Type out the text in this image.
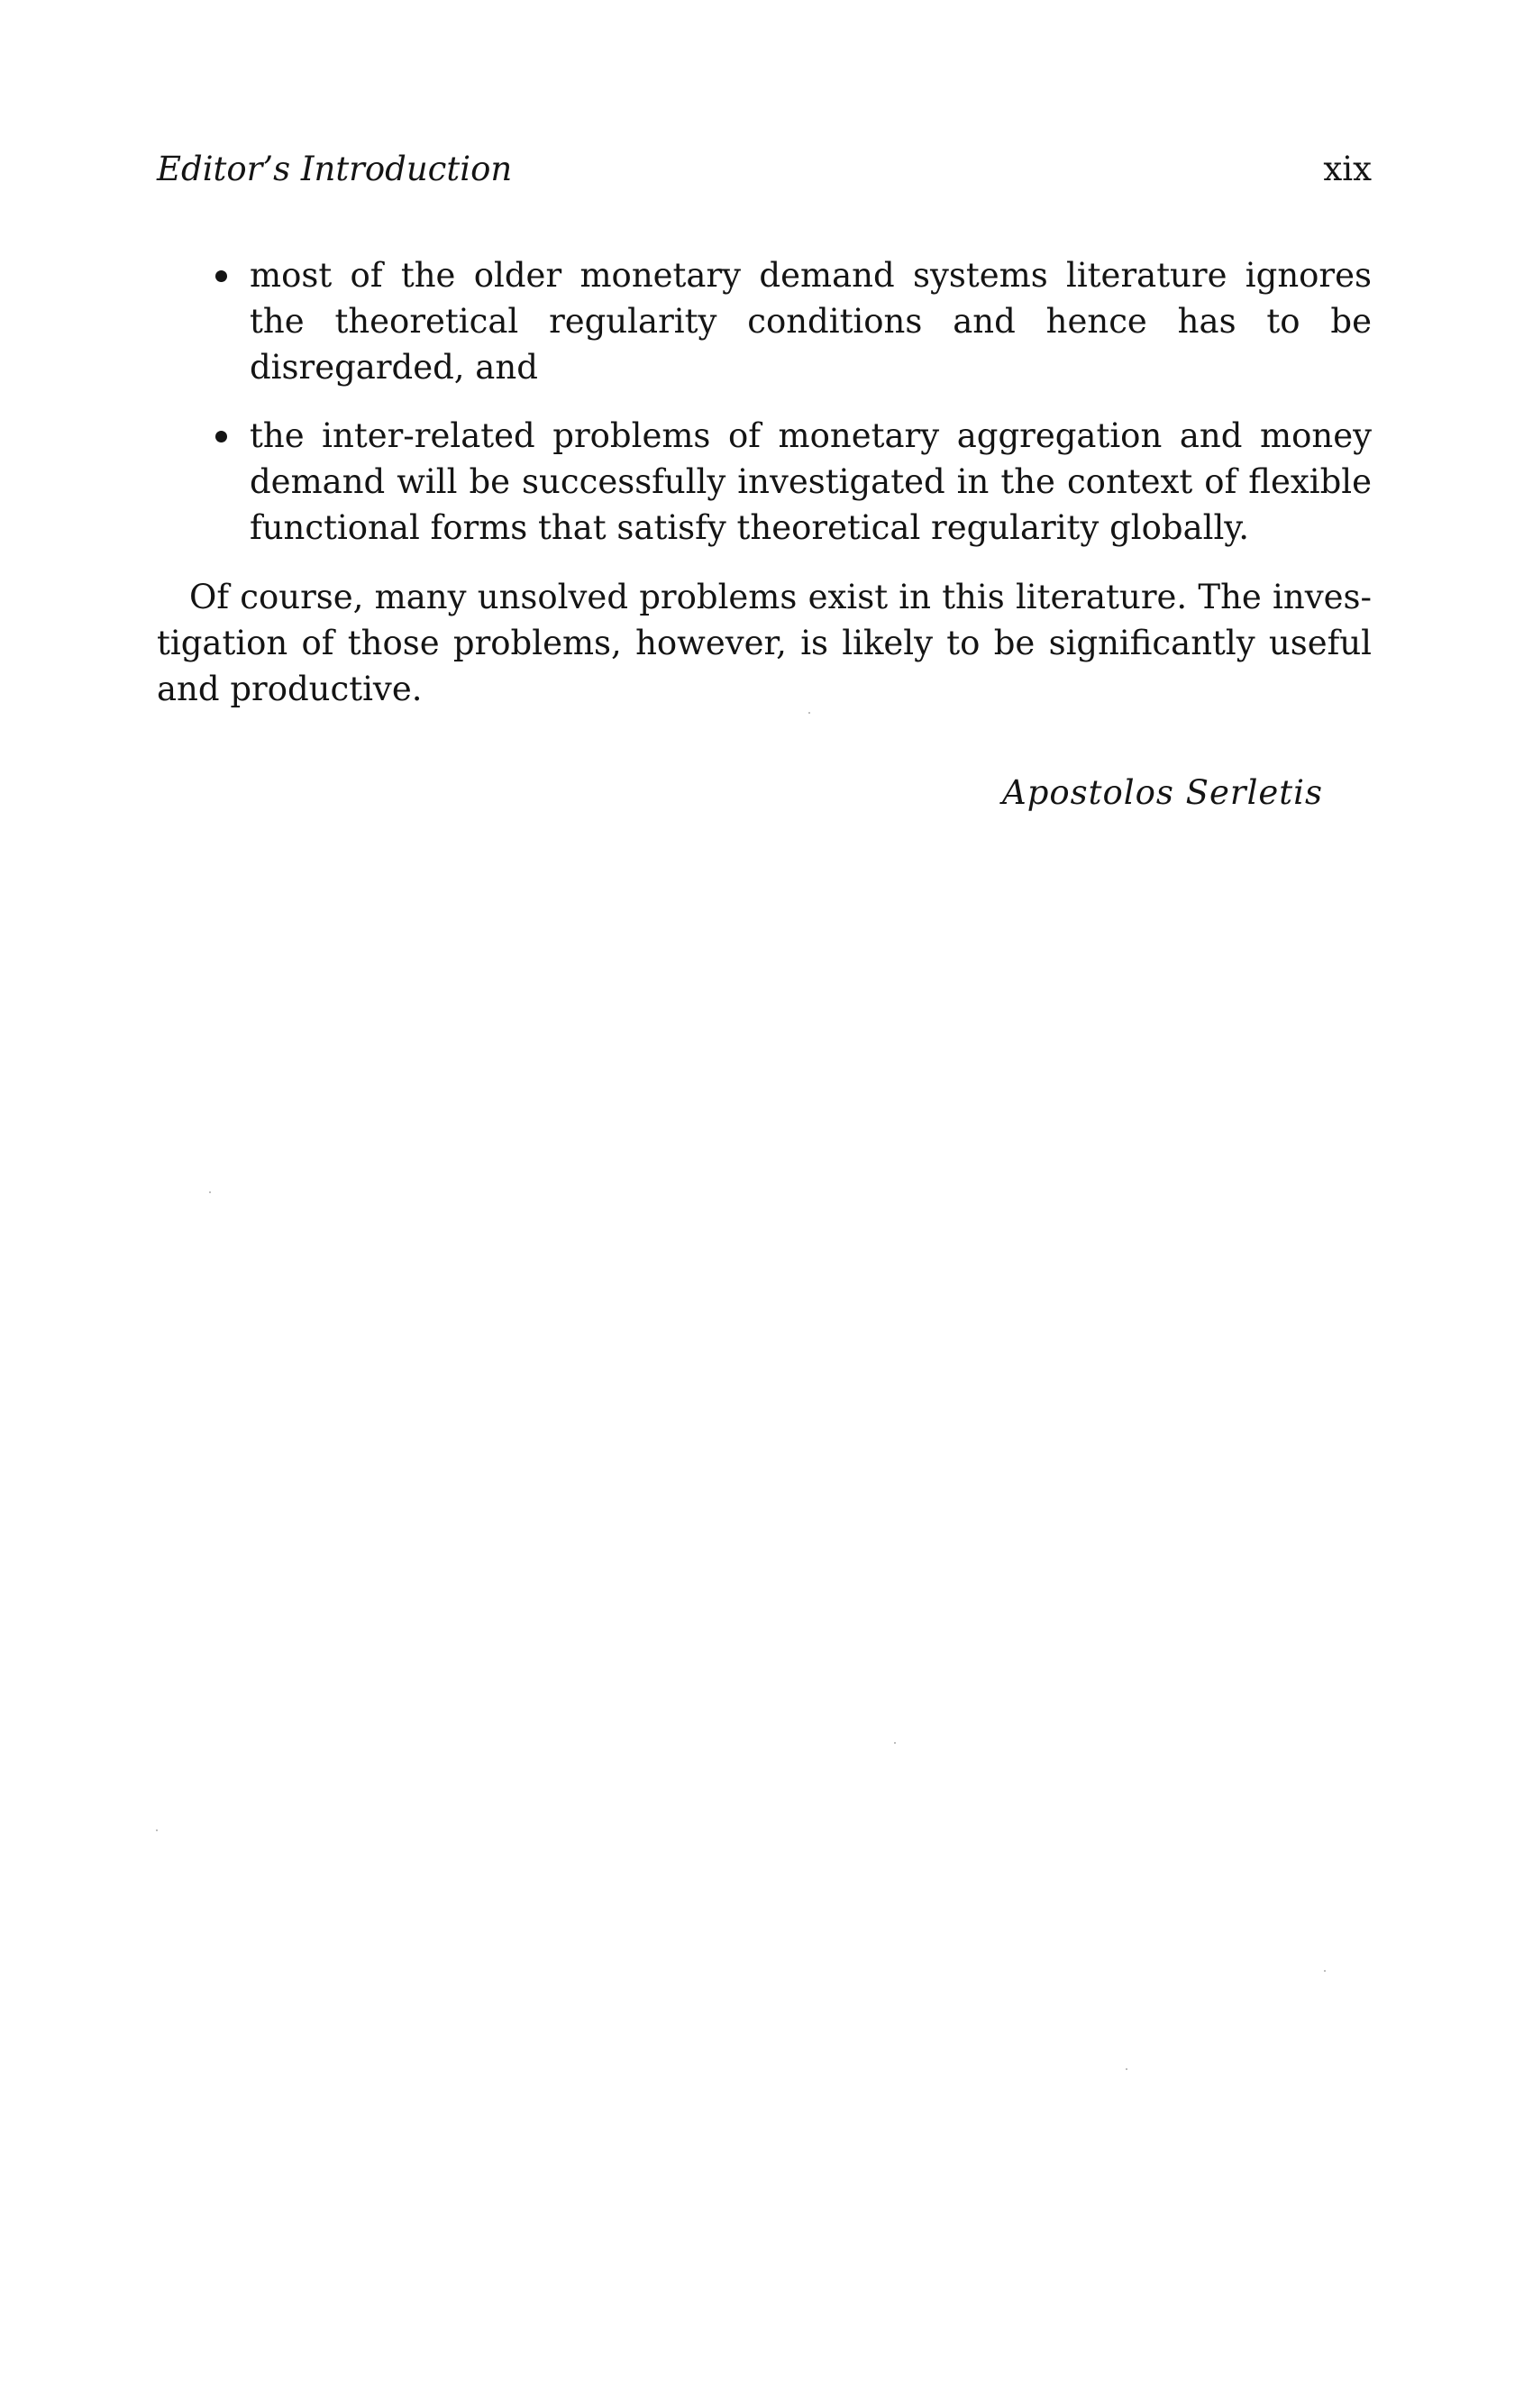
Editor’s Introduction	xix
most of the older monetary demand systems literature ignores the theoretical regularity conditions and hence has to be disregarded, and
the inter-related problems of monetary aggregation and money demand will be successfully investigated in the context of flexible functional forms that satisfy theoretical regularity globally.

Of course, many unsolved problems exist in this literature. The investigation of those problems, however, is likely to be significantly useful and productive.

Apostolos Serletis
